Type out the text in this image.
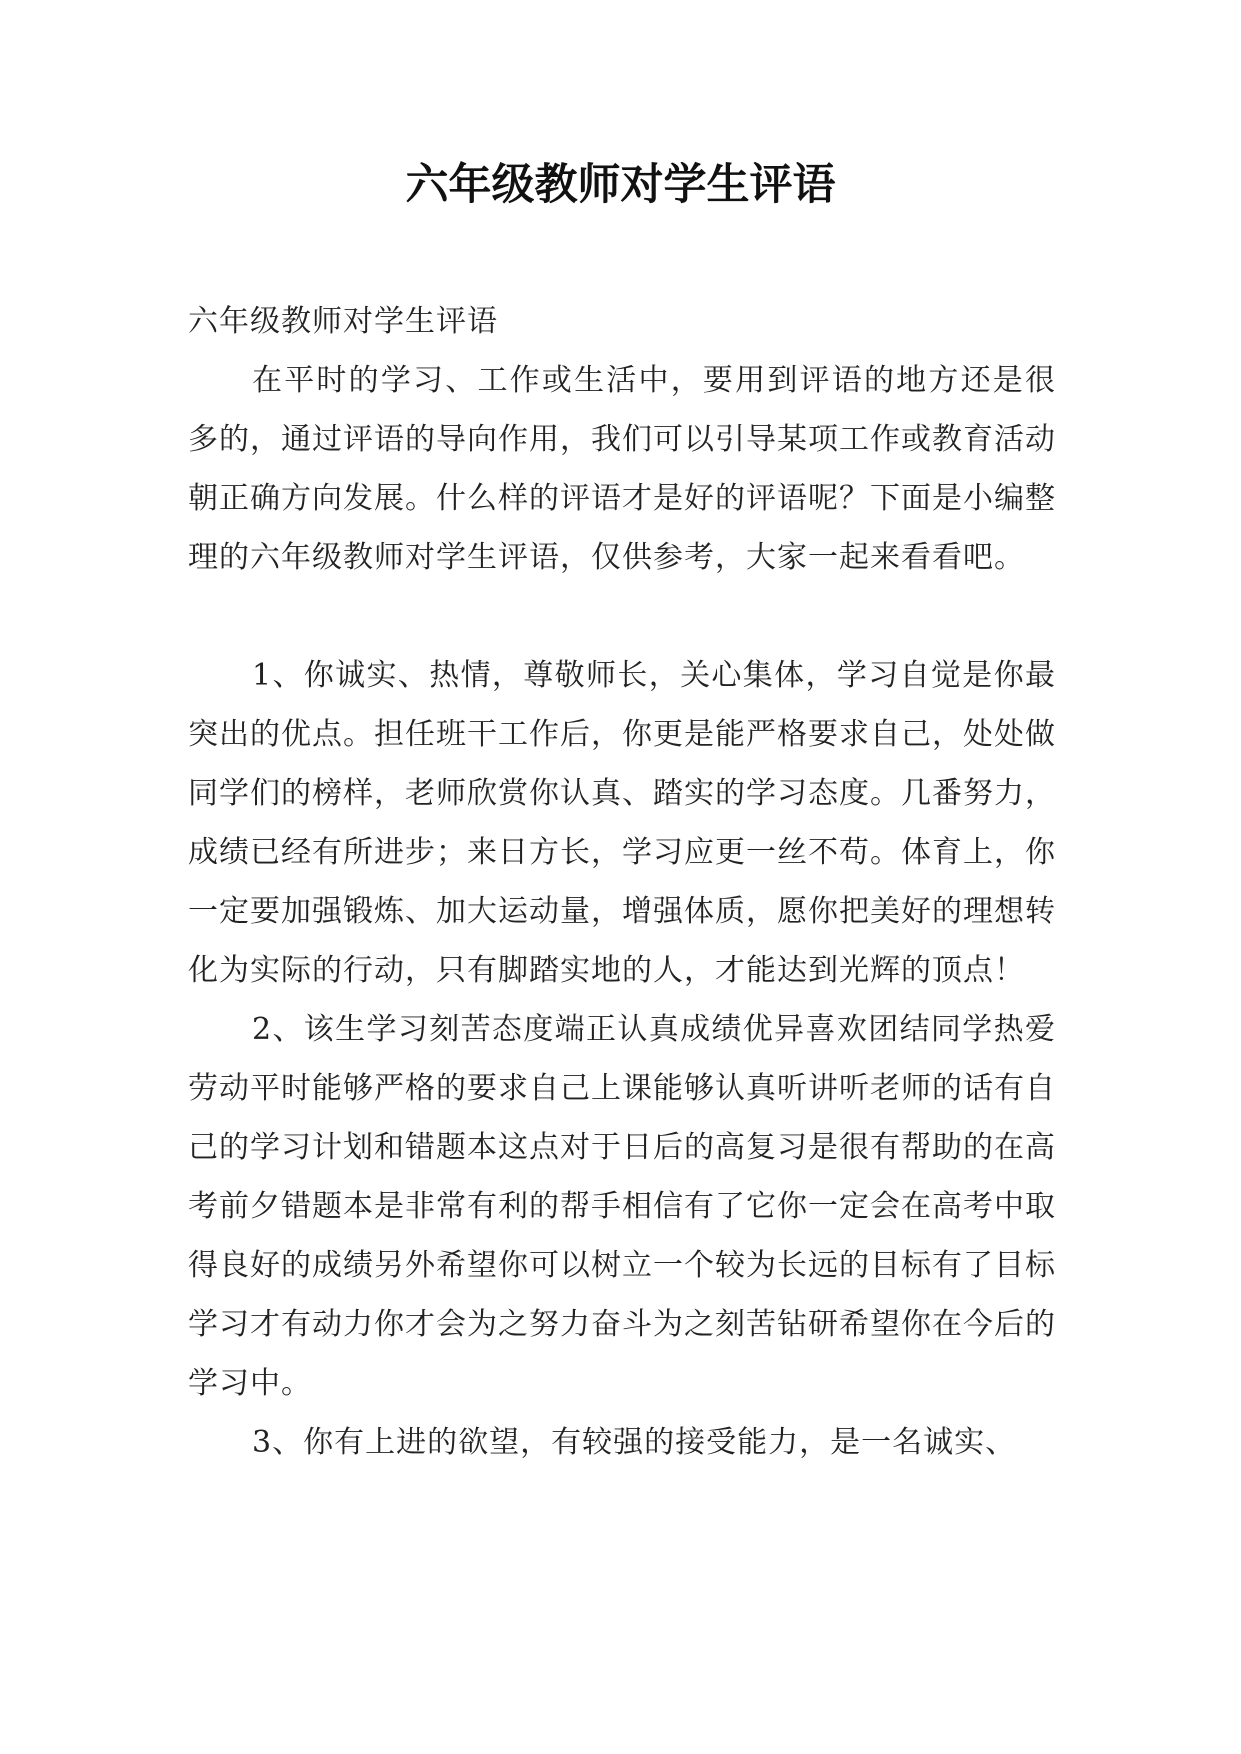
六年级教师对学生评语

六年级教师对学生评语

在平时的学习、工作或生活中，要用到评语的地方还是很多的，通过评语的导向作用，我们可以引导某项工作或教育活动朝正确方向发展。什么样的评语才是好的评语呢？下面是小编整理的六年级教师对学生评语，仅供参考，大家一起来看看吧。

1、你诚实、热情，尊敬师长，关心集体，学习自觉是你最突出的优点。担任班干工作后，你更是能严格要求自己，处处做同学们的榜样，老师欣赏你认真、踏实的学习态度。几番努力，成绩已经有所进步；来日方长，学习应更一丝不苟。体育上，你一定要加强锻炼、加大运动量，增强体质，愿你把美好的理想转化为实际的行动，只有脚踏实地的人，才能达到光辉的顶点！

2、该生学习刻苦态度端正认真成绩优异喜欢团结同学热爱劳动平时能够严格的要求自己上课能够认真听讲听老师的话有自己的学习计划和错题本这点对于日后的高复习是很有帮助的在高考前夕错题本是非常有利的帮手相信有了它你一定会在高考中取得良好的成绩另外希望你可以树立一个较为长远的目标有了目标学习才有动力你才会为之努力奋斗为之刻苦钻研希望你在今后的学习中。

3、你有上进的欲望，有较强的接受能力，是一名诚实、
